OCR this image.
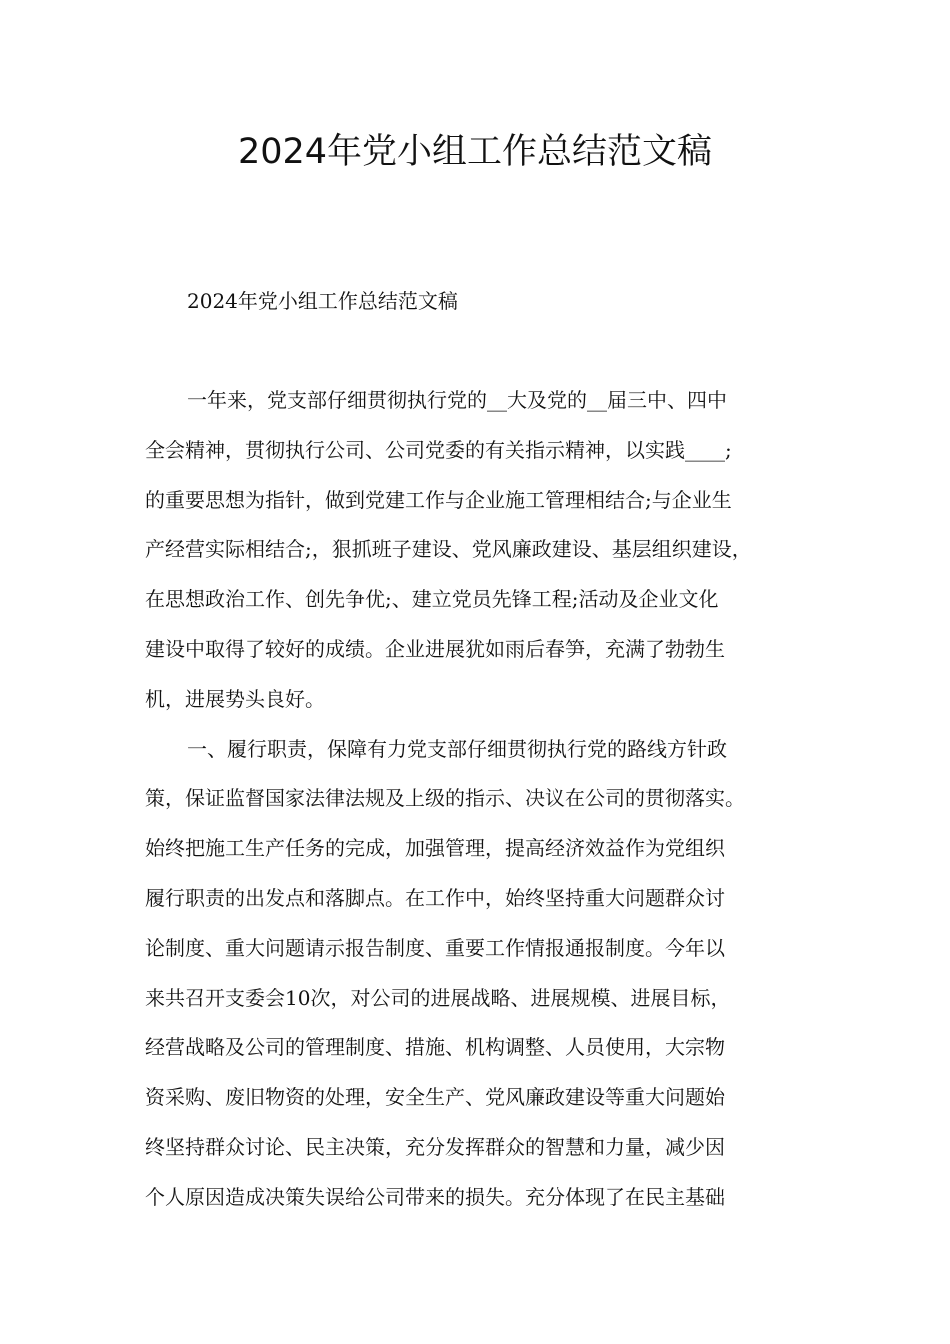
2024年党小组工作总结范文稿

2024年党小组工作总结范文稿

一年来，党支部仔细贯彻执行党的__大及党的__届三中、四中
全会精神，贯彻执行公司、公司党委的有关指示精神，以实践____;
的重要思想为指针，做到党建工作与企业施工管理相结合;与企业生
产经营实际相结合;，狠抓班子建设、党风廉政建设、基层组织建设，
在思想政治工作、创先争优;、建立党员先锋工程;活动及企业文化
建设中取得了较好的成绩。企业进展犹如雨后春笋，充满了勃勃生
机，进展势头良好。
一、履行职责，保障有力党支部仔细贯彻执行党的路线方针政
策，保证监督国家法律法规及上级的指示、决议在公司的贯彻落实。
始终把施工生产任务的完成，加强管理，提高经济效益作为党组织
履行职责的出发点和落脚点。在工作中，始终坚持重大问题群众讨
论制度、重大问题请示报告制度、重要工作情报通报制度。今年以
来共召开支委会10次，对公司的进展战略、进展规模、进展目标，
经营战略及公司的管理制度、措施、机构调整、人员使用，大宗物
资采购、废旧物资的处理，安全生产、党风廉政建设等重大问题始
终坚持群众讨论、民主决策，充分发挥群众的智慧和力量，减少因
个人原因造成决策失误给公司带来的损失。充分体现了在民主基础
